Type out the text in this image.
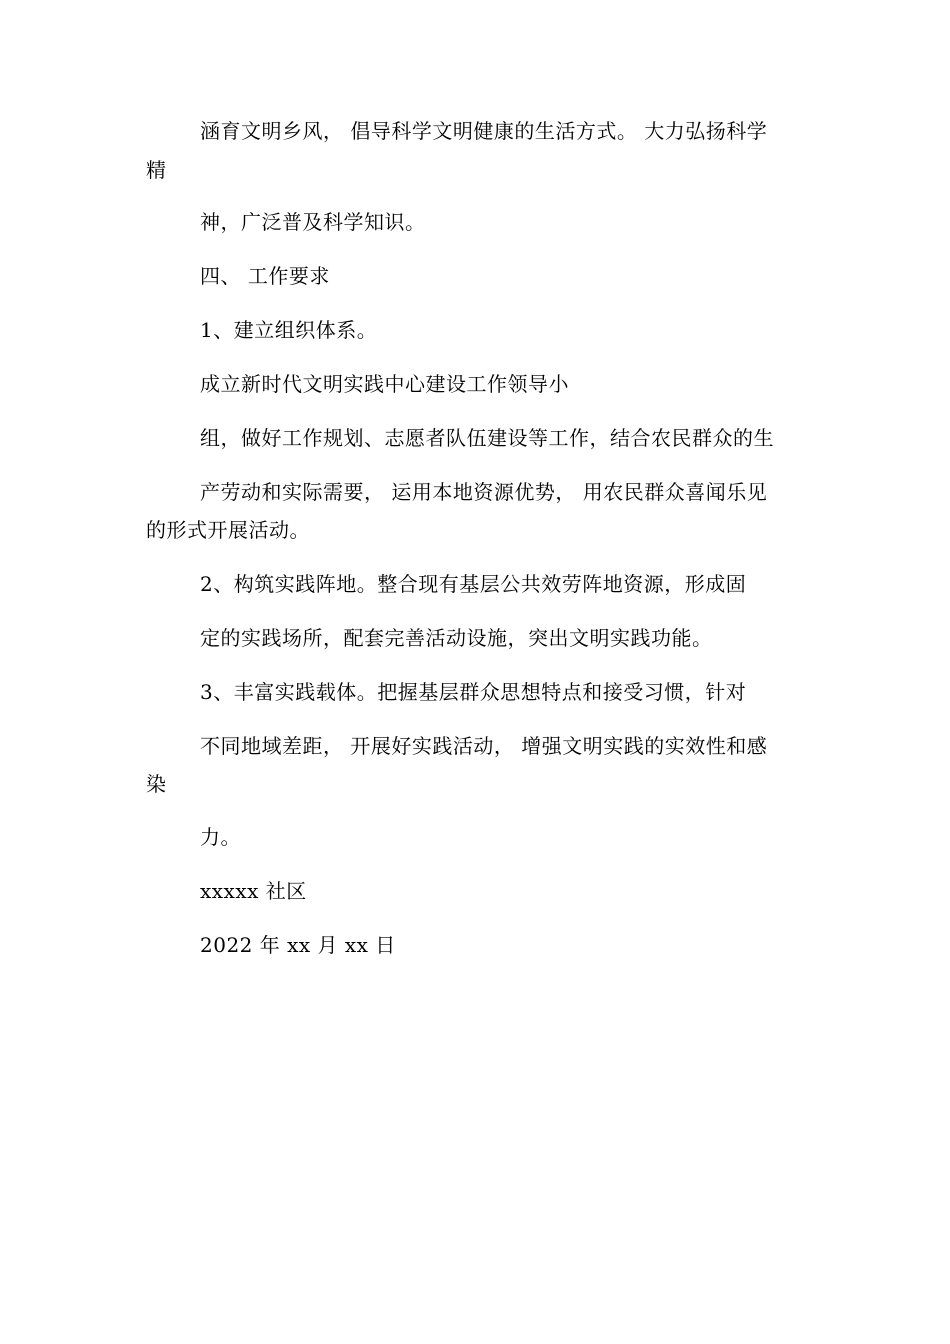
涵育文明乡风， 倡导科学文明健康的生活方式。 大力弘扬科学
精
神，广泛普及科学知识。
四、 工作要求
1、建立组织体系。
成立新时代文明实践中心建设工作领导小
组，做好工作规划、志愿者队伍建设等工作，结合农民群众的生
产劳动和实际需要， 运用本地资源优势， 用农民群众喜闻乐见
的形式开展活动。
2、构筑实践阵地。整合现有基层公共效劳阵地资源，形成固
定的实践场所，配套完善活动设施，突出文明实践功能。
3、丰富实践载体。把握基层群众思想特点和接受习惯，针对
不同地域差距， 开展好实践活动， 增强文明实践的实效性和感
染
力。
xxxxx 社区
2022 年 xx 月 xx 日
